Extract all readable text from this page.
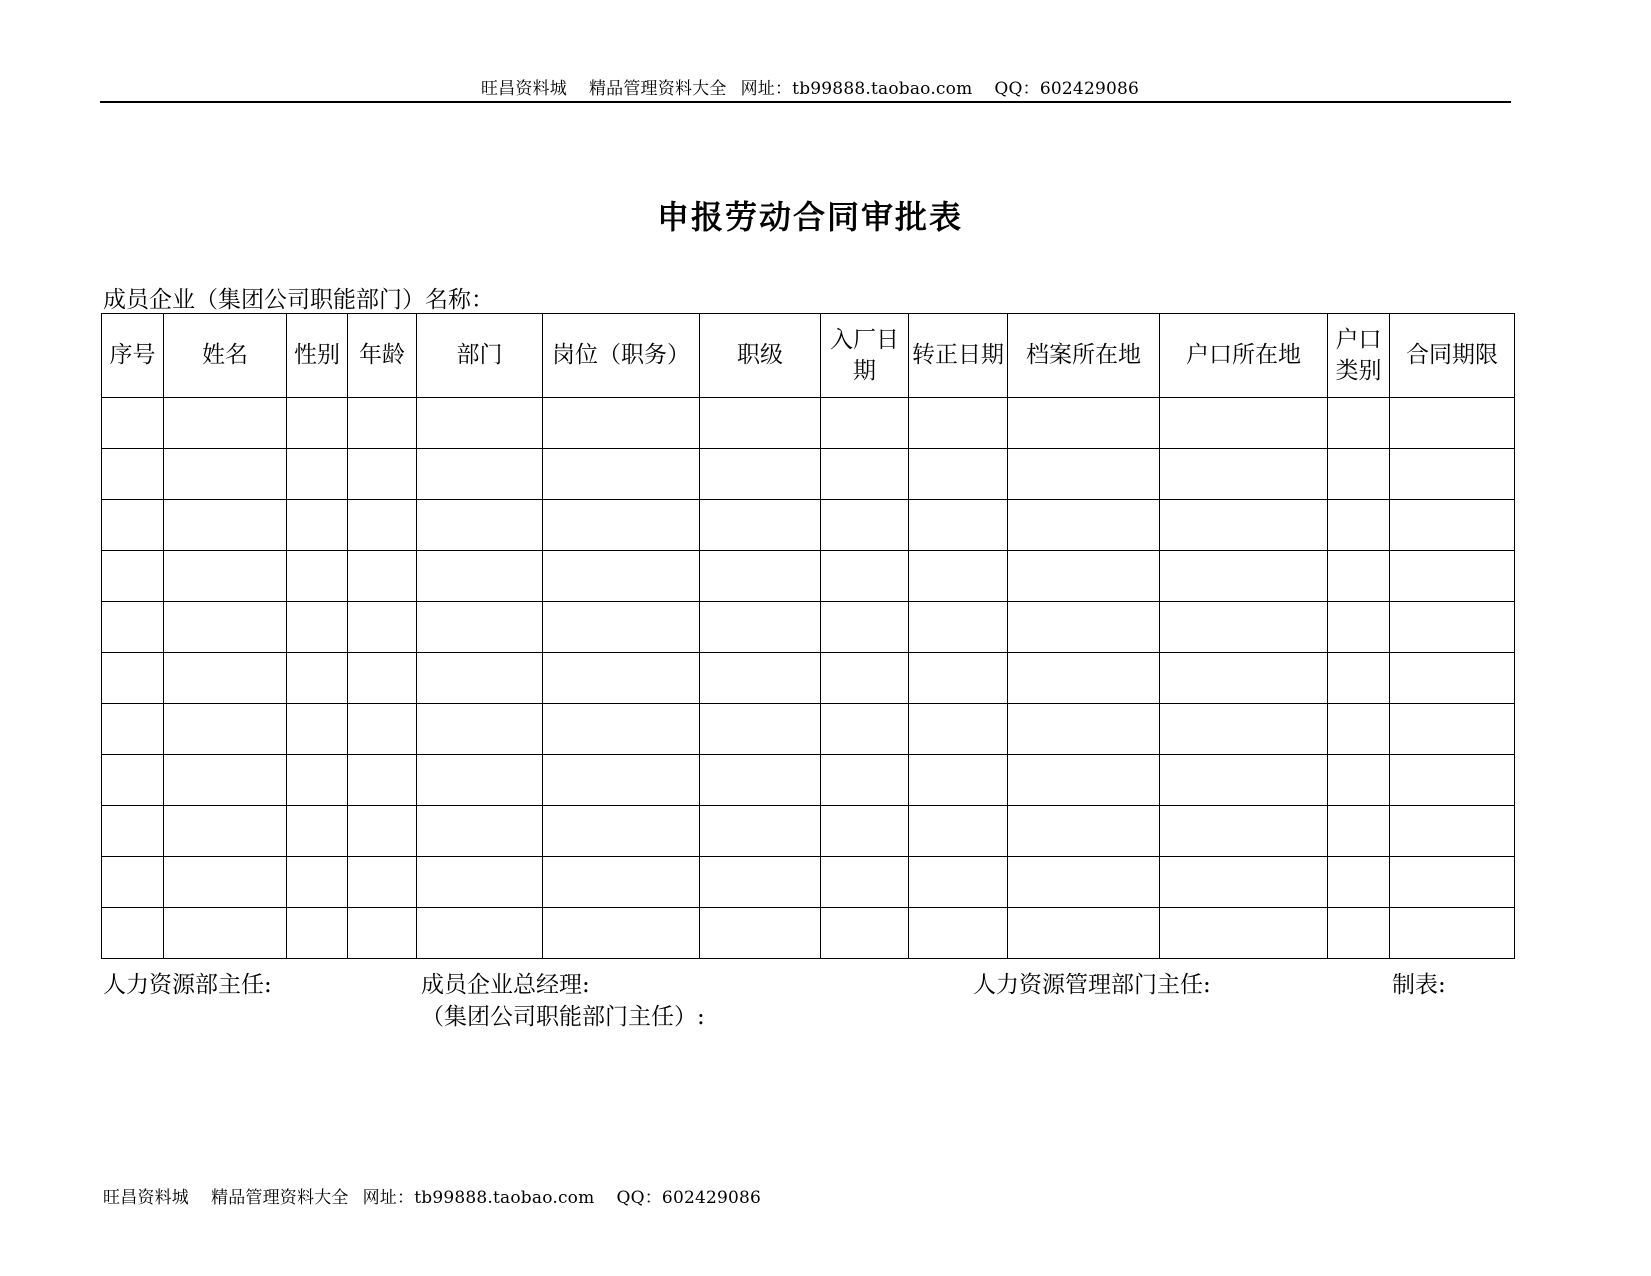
旺昌资料城 精品管理资料大全 网址：tb99888.taobao.com QQ：602429086
申报劳动合同审批表
成员企业（集团公司职能部门）名称：
序号	姓名	性别	年龄	部门	岗位（职务）	职级	入厂日期	转正日期	档案所在地	户口所在地	户口类别	合同期限

人力资源部主任:	成员企业总经理:
（集团公司职能部门主任）:
人力资源管理部门主任:	制表:
旺昌资料城 精品管理资料大全 网址：tb99888.taobao.com QQ：602429086
